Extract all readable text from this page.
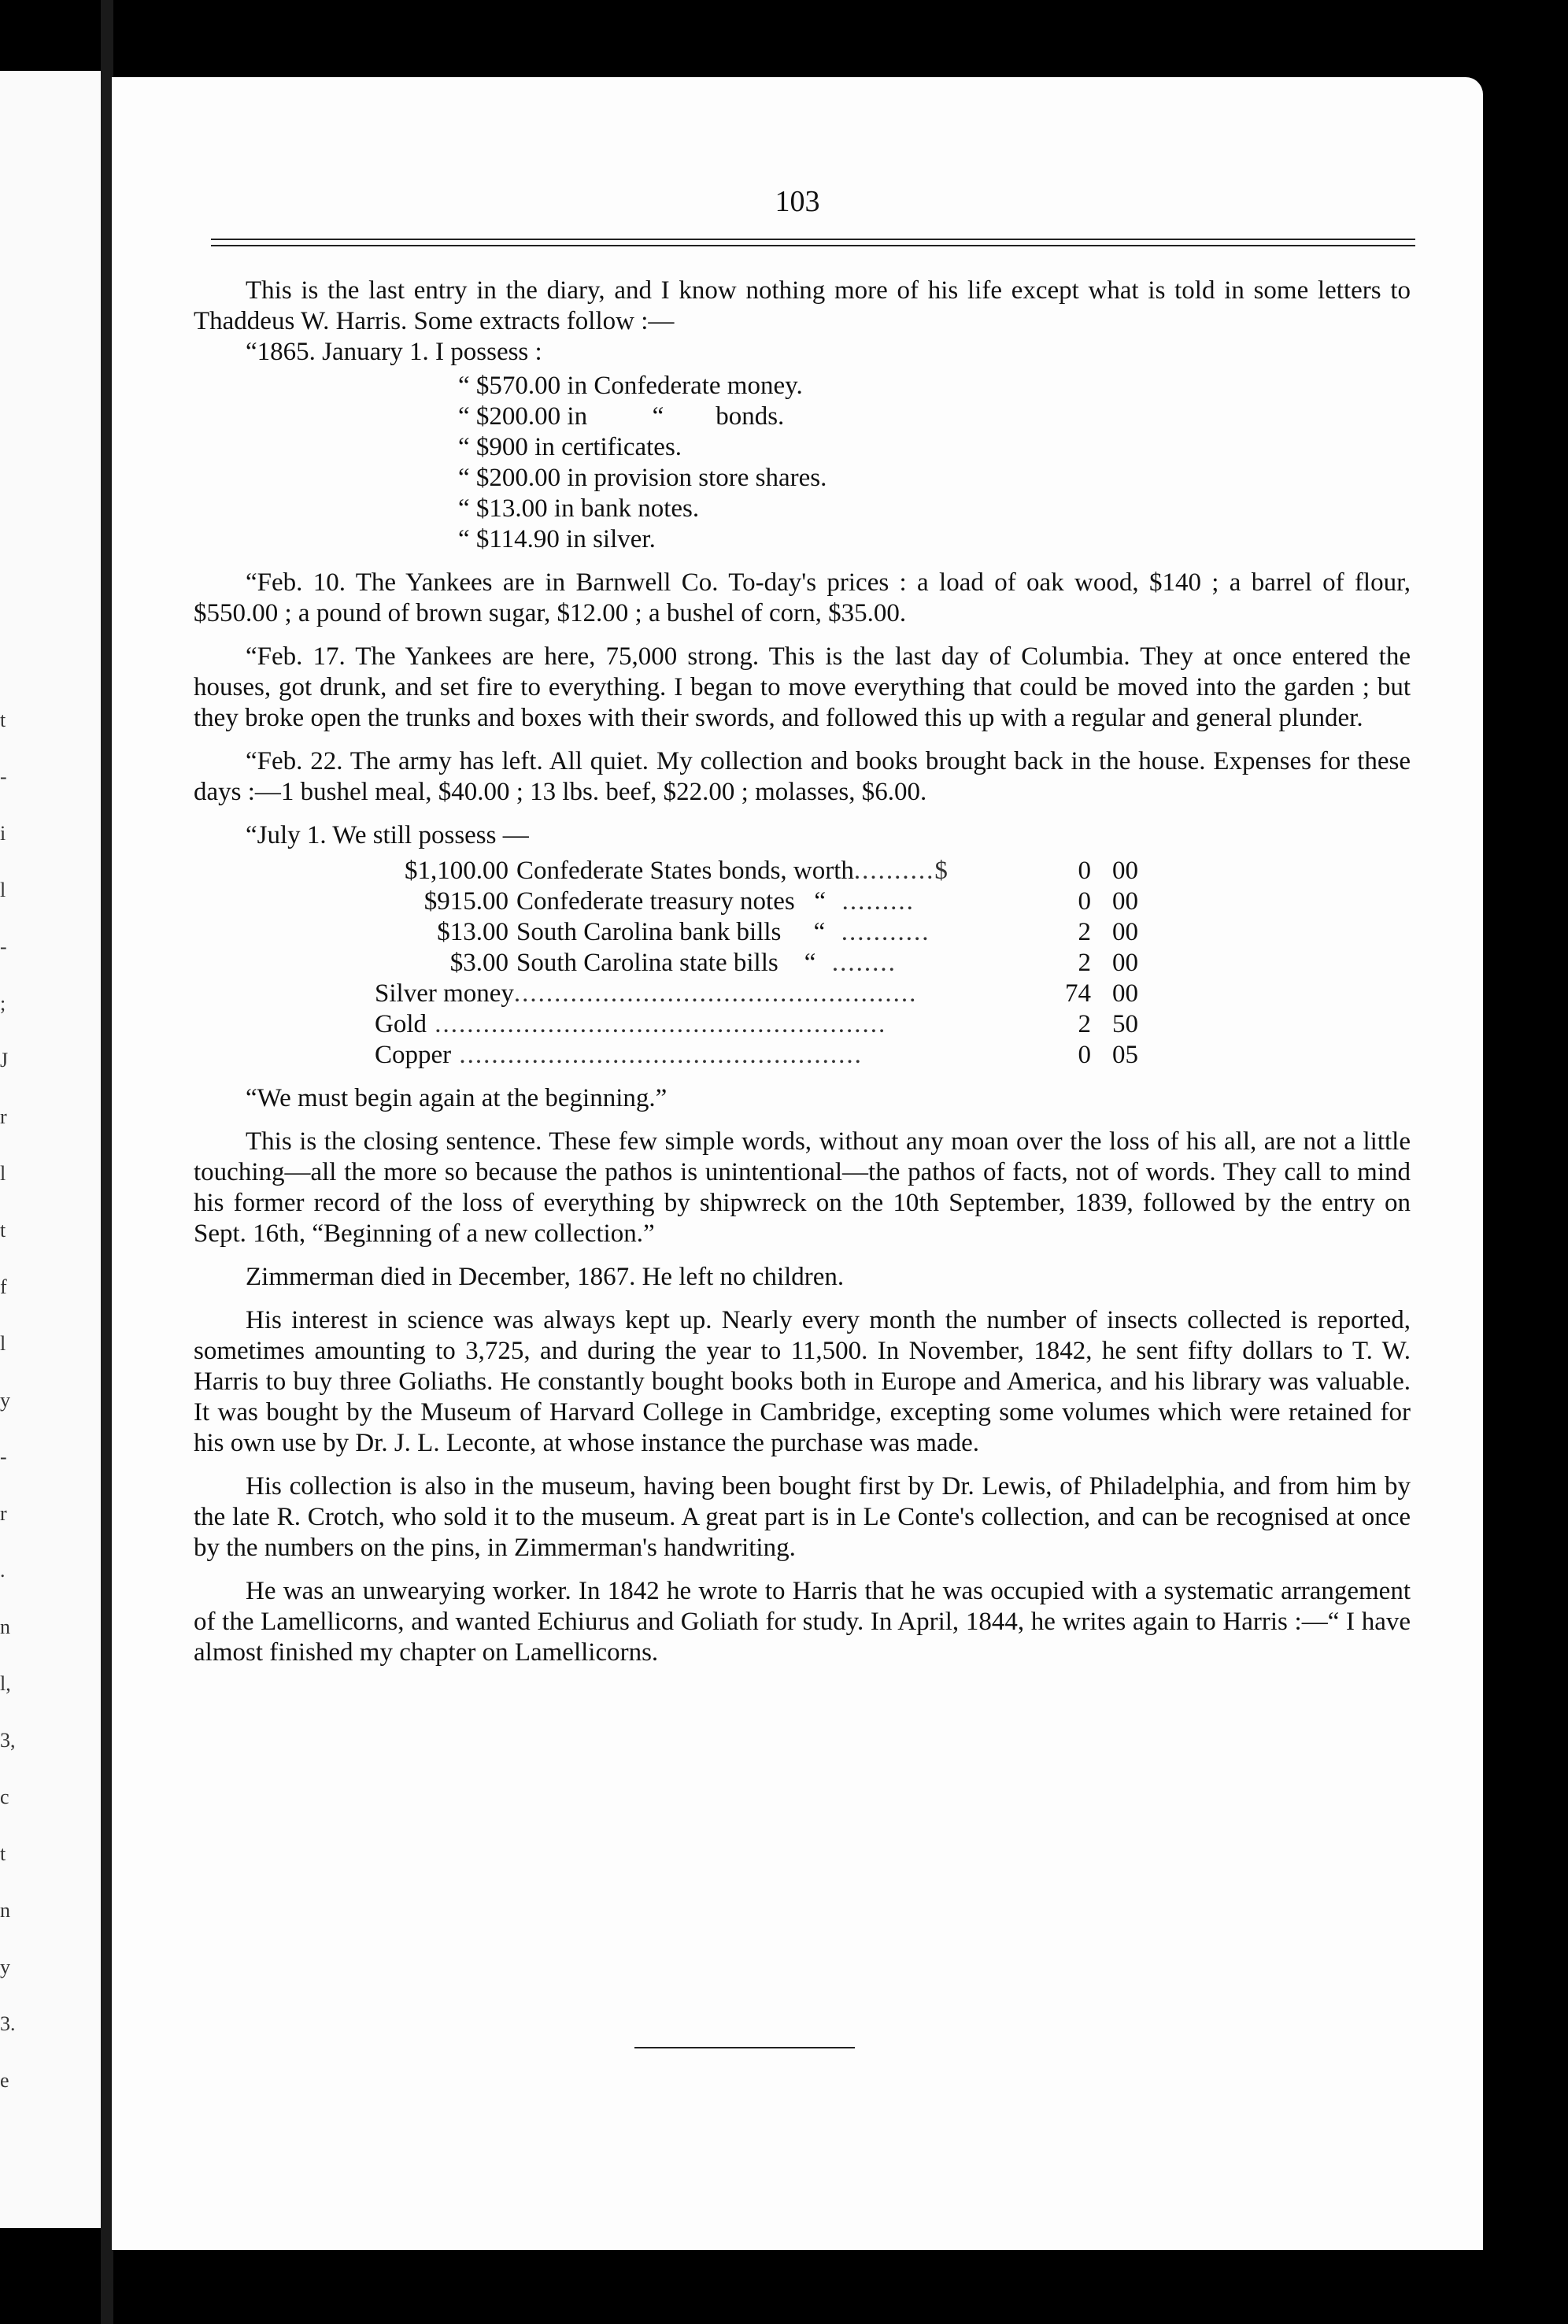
t
-
i
l
-
;
J
r
l
t
f
l
y
-
r
.
n
l,
3,
c
t
n
y
3.
e
103

This is the last entry in the diary, and I know nothing more of his life except what is told in some letters to Thaddeus W. Harris. Some extracts follow :—

“1865. January 1. I possess :

“ $570.00 in Confederate money.
“ $200.00 in          “        bonds.
“ $900 in certificates.
“ $200.00 in provision store shares.
“ $13.00 in bank notes.
“ $114.90 in silver.

“Feb. 10. The Yankees are in Barnwell Co. To-day's prices : a load of oak wood, $140 ; a barrel of flour, $550.00 ; a pound of brown sugar, $12.00 ; a bushel of corn, $35.00.

“Feb. 17. The Yankees are here, 75,000 strong. This is the last day of Columbia. They at once entered the houses, got drunk, and set fire to everything. I began to move everything that could be moved into the garden ; but they broke open the trunks and boxes with their swords, and followed this up with a regular and general plunder.

“Feb. 22. The army has left. All quiet. My collection and books brought back in the house. Expenses for these days :—1 bushel meal, $40.00 ; 13 lbs. beef, $22.00 ; molasses, $6.00.

“July 1. We still possess —

$1,100.00 Confederate States bonds, worth..........$	0 00
$915.00 Confederate treasury notes   “  .........	0 00
$13.00 South Carolina bank bills     “  ...........	2 00
$3.00 South Carolina state bills    “  ........	2 00
Silver money..................................................	74 00
Gold ........................................................	2 50
Copper ..................................................	0 05

“We must begin again at the beginning.”

This is the closing sentence. These few simple words, without any moan over the loss of his all, are not a little touching—all the more so because the pathos is unintentional—the pathos of facts, not of words. They call to mind his former record of the loss of everything by shipwreck on the 10th September, 1839, followed by the entry on Sept. 16th, “Beginning of a new collection.”

Zimmerman died in December, 1867. He left no children.

His interest in science was always kept up. Nearly every month the number of insects collected is reported, sometimes amounting to 3,725, and during the year to 11,500. In November, 1842, he sent fifty dollars to T. W. Harris to buy three Goliaths. He constantly bought books both in Europe and America, and his library was valuable. It was bought by the Museum of Harvard College in Cambridge, excepting some volumes which were retained for his own use by Dr. J. L. Leconte, at whose instance the purchase was made.

His collection is also in the museum, having been bought first by Dr. Lewis, of Philadelphia, and from him by the late R. Crotch, who sold it to the museum. A great part is in Le Conte's collection, and can be recognised at once by the numbers on the pins, in Zimmerman's handwriting.

He was an unwearying worker. In 1842 he wrote to Harris that he was occupied with a systematic arrangement of the Lamellicorns, and wanted Echiurus and Goliath for study. In April, 1844, he writes again to Harris :—“ I have almost finished my chapter on Lamellicorns.
